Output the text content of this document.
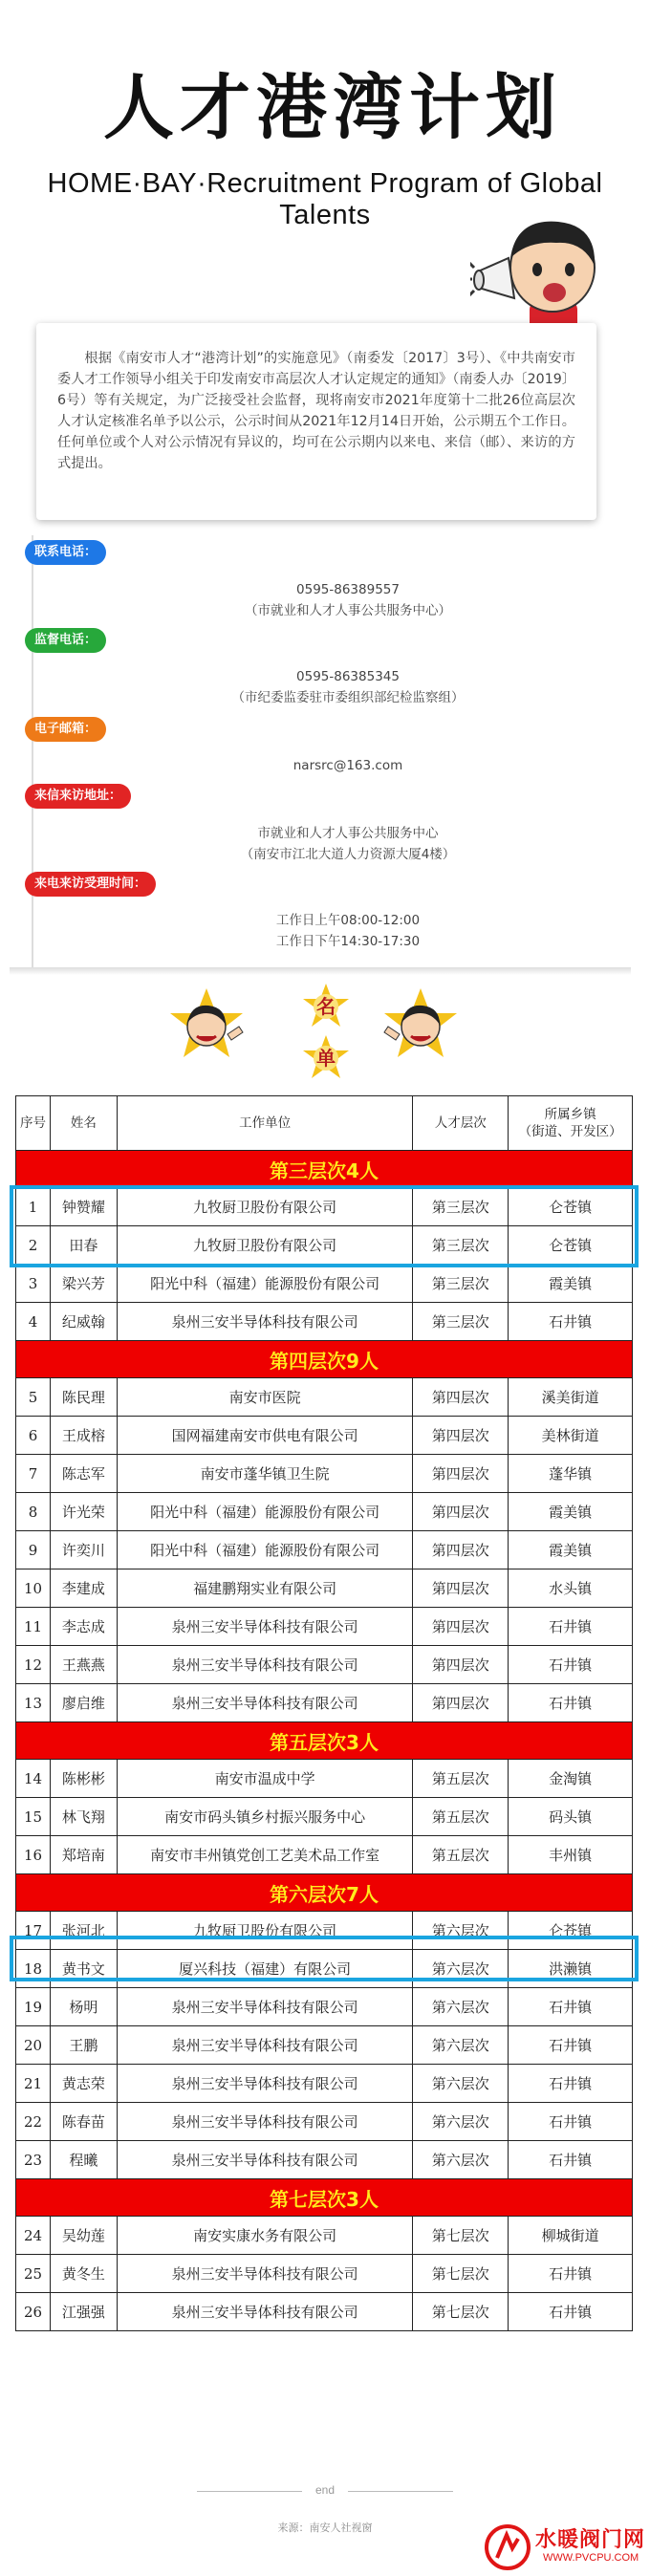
人才港湾计划
HOME·BAY·Recruitment Program of Global Talents

根据《南安市人才“港湾计划”的实施意见》（南委发〔2017〕3号）、《中共南安市委人才工作领导小组关于印发南安市高层次人才认定规定的通知》（南委人办〔2019〕6号）等有关规定，为广泛接受社会监督，现将南安市2021年度第十二批26位高层次人才认定核准名单予以公示，公示时间从2021年12月14日开始，公示期五个工作日。任何单位或个人对公示情况有异议的，均可在公示期内以来电、来信（邮）、来访的方式提出。

联系电话：
0595-86389557
（市就业和人才人事公共服务中心）
监督电话：
0595-86385345
（市纪委监委驻市委组织部纪检监察组）
电子邮箱：
narsrc@163.com
来信来访地址：
市就业和人才人事公共服务中心
（南安市江北大道人力资源大厦4楼）
来电来访受理时间：
工作日上午08:00-12:00
工作日下午14:30-17:30
名
单
序号	姓名	工作单位	人才层次	所属乡镇
（街道、开发区）
第三层次4人				
1	钟赞耀	九牧厨卫股份有限公司	第三层次	仑苍镇
2	田春	九牧厨卫股份有限公司	第三层次	仑苍镇
3	梁兴芳	阳光中科（福建）能源股份有限公司	第三层次	霞美镇
4	纪威翰	泉州三安半导体科技有限公司	第三层次	石井镇
第四层次9人				
5	陈民理	南安市医院	第四层次	溪美街道
6	王成榕	国网福建南安市供电有限公司	第四层次	美林街道
7	陈志军	南安市蓬华镇卫生院	第四层次	蓬华镇
8	许光荣	阳光中科（福建）能源股份有限公司	第四层次	霞美镇
9	许奕川	阳光中科（福建）能源股份有限公司	第四层次	霞美镇
10	李建成	福建鹏翔实业有限公司	第四层次	水头镇
11	李志成	泉州三安半导体科技有限公司	第四层次	石井镇
12	王燕燕	泉州三安半导体科技有限公司	第四层次	石井镇
13	廖启维	泉州三安半导体科技有限公司	第四层次	石井镇
第五层次3人				
14	陈彬彬	南安市温成中学	第五层次	金淘镇
15	林飞翔	南安市码头镇乡村振兴服务中心	第五层次	码头镇
16	郑培南	南安市丰州镇党创工艺美术品工作室	第五层次	丰州镇
第六层次7人				
17	张河北	九牧厨卫股份有限公司	第六层次	仑苍镇
18	黄书文	厦兴科技（福建）有限公司	第六层次	洪濑镇
19	杨明	泉州三安半导体科技有限公司	第六层次	石井镇
20	王鹏	泉州三安半导体科技有限公司	第六层次	石井镇
21	黄志荣	泉州三安半导体科技有限公司	第六层次	石井镇
22	陈春苗	泉州三安半导体科技有限公司	第六层次	石井镇
23	程曦	泉州三安半导体科技有限公司	第六层次	石井镇
第七层次3人				
24	吴幼莲	南安实康水务有限公司	第七层次	柳城街道
25	黄冬生	泉州三安半导体科技有限公司	第七层次	石井镇
26	江强强	泉州三安半导体科技有限公司	第七层次	石井镇
end
来源：南安人社视窗
水暖阀门网
WWW.PVCPU.COM
